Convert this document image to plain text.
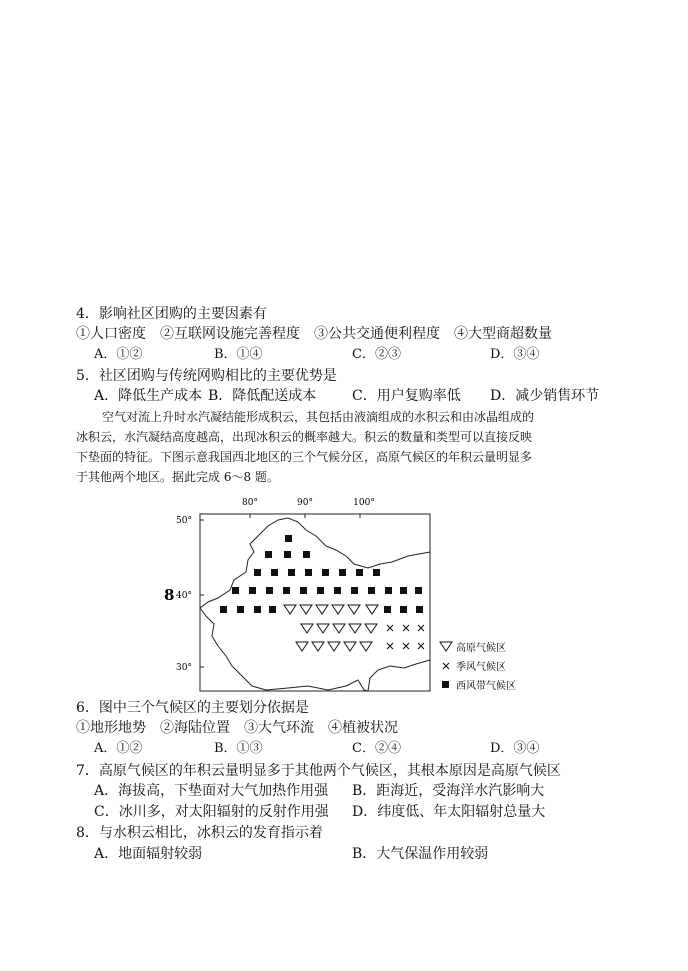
4．影响社区团购的主要因素有
①人口密度　②互联网设施完善程度　③公共交通便利程度　④大型商超数量
A．①②	B．①④	C．②③	D．③④
5．社区团购与传统网购相比的主要优势是
A．降低生产成本 B．降低配送成本	C．用户复购率低 D．减少销售环节

空气对流上升时水汽凝结能形成积云，其包括由液滴组成的水积云和由冰晶组成的

冰积云，水汽凝结高度越高，出现冰积云的概率越大。积云的数量和类型可以直接反映

下垫面的特征。下图示意我国西北地区的三个气候分区，高原气候区的年积云量明显多

于其他两个地区。据此完成 6～8 题。

80°	90°	100°
50°
40°
30°
8
高原气候区
季风气候区
西风带气候区
6．图中三个气候区的主要划分依据是
①地形地势　②海陆位置　③大气环流　④植被状况
A．①②	B．①③	C．②④	D．③④
7．高原气候区的年积云量明显多于其他两个气候区，其根本原因是高原气候区
A．海拔高，下垫面对大气加热作用强 B．距海近，受海洋水汽影响大
C．冰川多，对太阳辐射的反射作用强 D．纬度低、年太阳辐射总量大
8．与水积云相比，冰积云的发育指示着
A．地面辐射较弱	B．大气保温作用较弱
